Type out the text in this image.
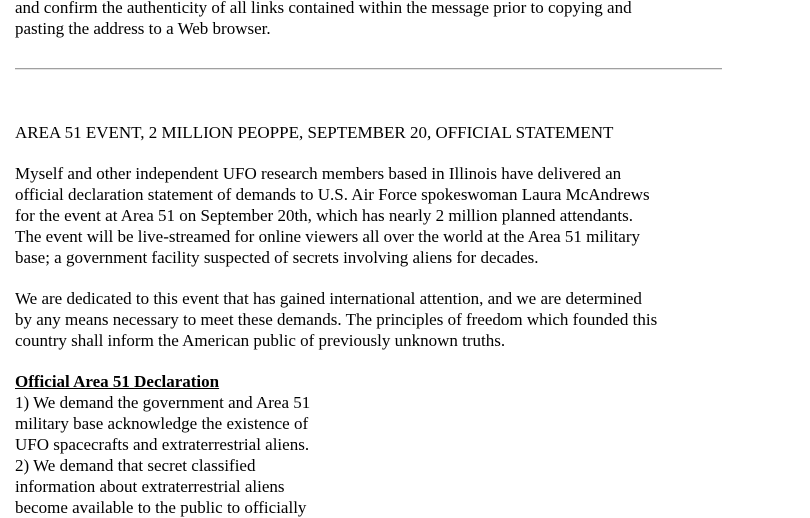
and confirm the authenticity of all links contained within the message prior to copying and
pasting the address to a Web browser.
AREA 51 EVENT, 2 MILLION PEOPPE, SEPTEMBER 20, OFFICIAL STATEMENT
Myself and other independent UFO research members based in Illinois have delivered an
official declaration statement of demands to U.S. Air Force spokeswoman Laura McAndrews
for the event at Area 51 on September 20th, which has nearly 2 million planned attendants.
The event will be live-streamed for online viewers all over the world at the Area 51 military
base; a government facility suspected of secrets involving aliens for decades.
We are dedicated to this event that has gained international attention, and we are determined
by any means necessary to meet these demands. The principles of freedom which founded this
country shall inform the American public of previously unknown truths.
Official Area 51 Declaration
1) We demand the government and Area 51
military base acknowledge the existence of
UFO spacecrafts and extraterrestrial aliens.
2) We demand that secret classified
information about extraterrestrial aliens
become available to the public to officially
